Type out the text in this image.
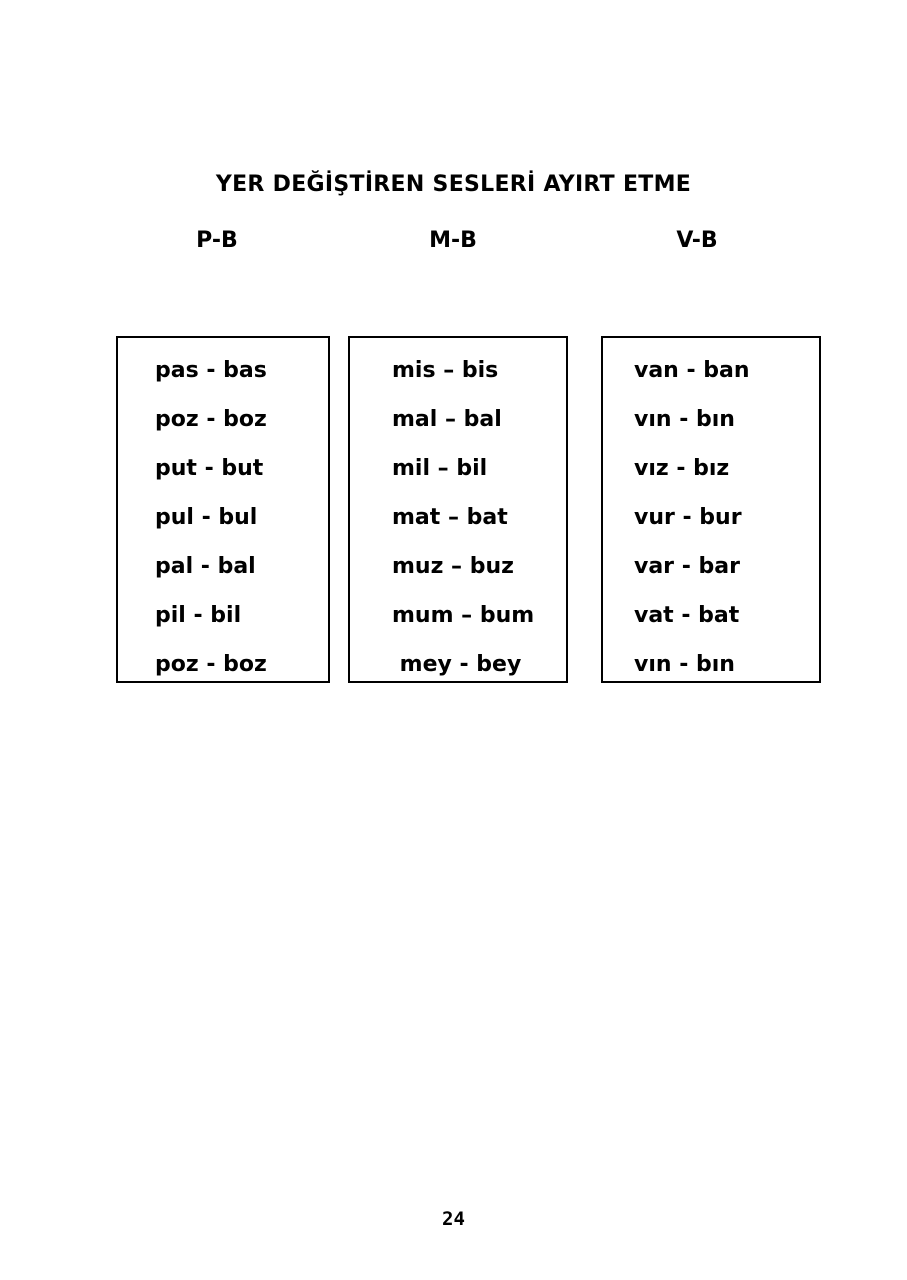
YER DEĞİŞTİREN SESLERİ AYIRT ETME
P-B	M-B	V-B
pas - bas
poz - boz
put - but
pul - bul
pal - bal
pil - bil
poz - boz
mis – bis
mal – bal
mil – bil
mat – bat
muz – buz
mum – bum
mey - bey
van - ban
vın - bın
vız - bız
vur - bur
var - bar
vat - bat
vın - bın
24
